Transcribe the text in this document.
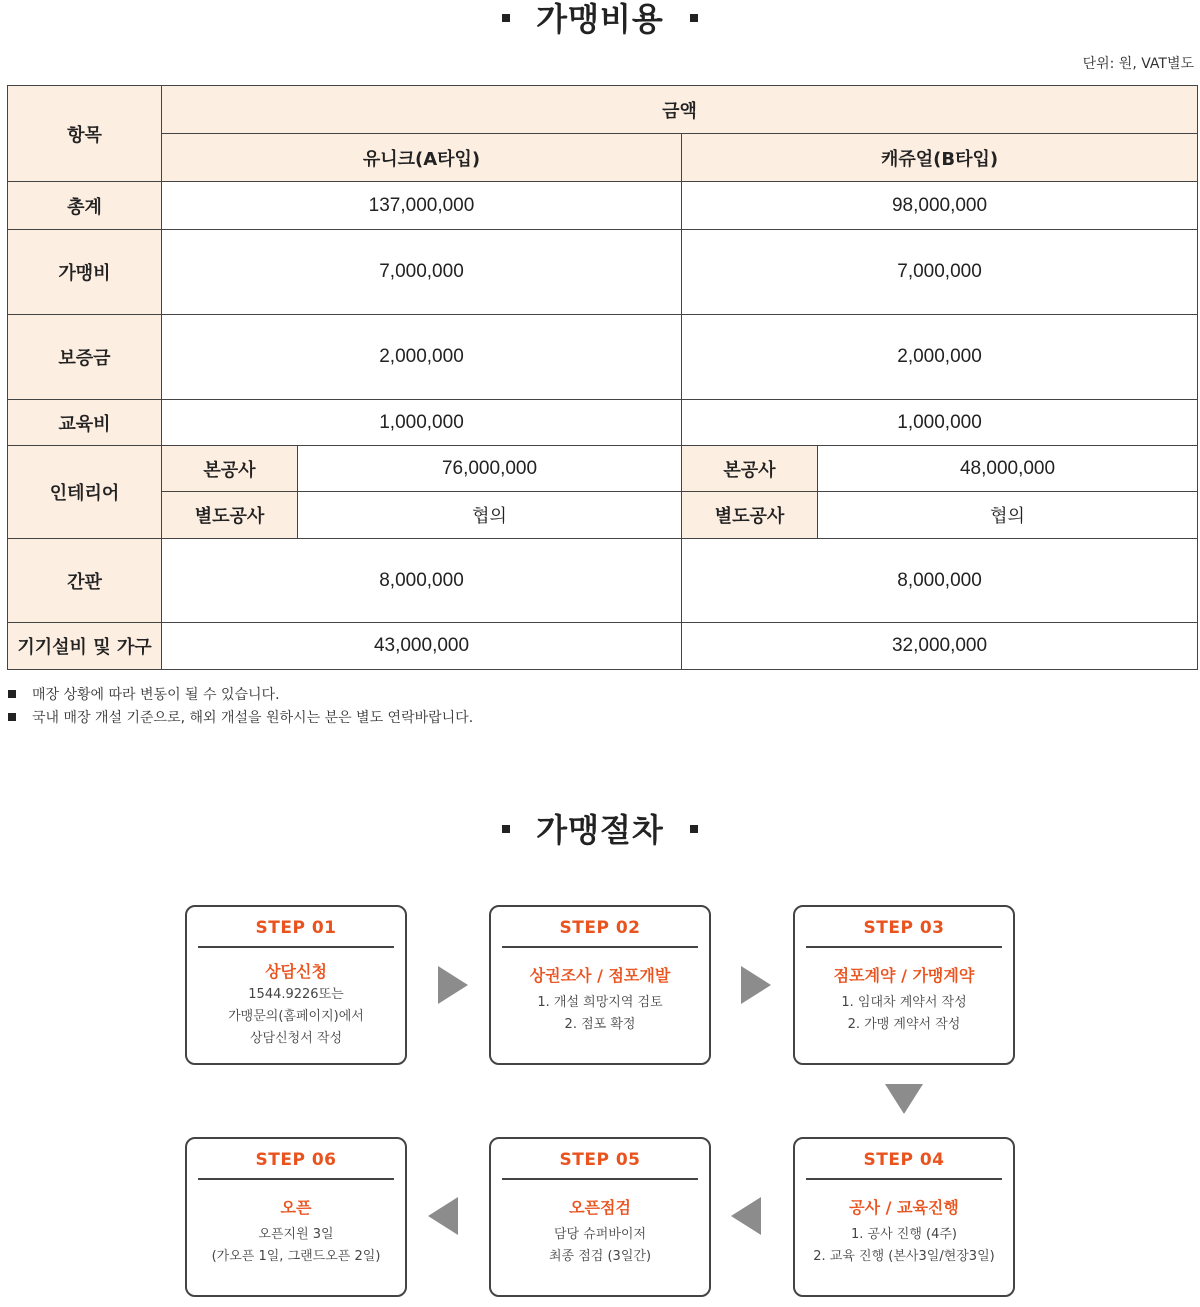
가맹비용
단위: 원, VAT별도
항목	금액			
	유니크(A타입)		캐쥬얼(B타입)	
총계	137,000,000		98,000,000	
가맹비	7,000,000		7,000,000	
보증금	2,000,000		2,000,000	
교육비	1,000,000		1,000,000	
인테리어	본공사	76,000,000	본공사	48,000,000
	별도공사	협의	별도공사	협의
간판	8,000,000		8,000,000	
기기설비 및 가구	43,000,000		32,000,000	
매장 상황에 따라 변동이 될 수 있습니다.
국내 매장 개설 기준으로, 해외 개설을 원하시는 분은 별도 연락바랍니다.
가맹절차
STEP 01
상담신청
1544.9226또는
가맹문의(홈페이지)에서
상담신청서 작성
STEP 02
상권조사 / 점포개발
1. 개설 희망지역 검토
2. 점포 확정
STEP 03
점포계약 / 가맹계약
1. 임대차 계약서 작성
2. 가맹 계약서 작성
STEP 04
공사 / 교육진행
1. 공사 진행 (4주)
2. 교육 진행 (본사3일/현장3일)
STEP 05
오픈점검
담당 슈퍼바이저
최종 점검 (3일간)
STEP 06
오픈
오픈지원 3일
(가오픈 1일, 그랜드오픈 2일)
